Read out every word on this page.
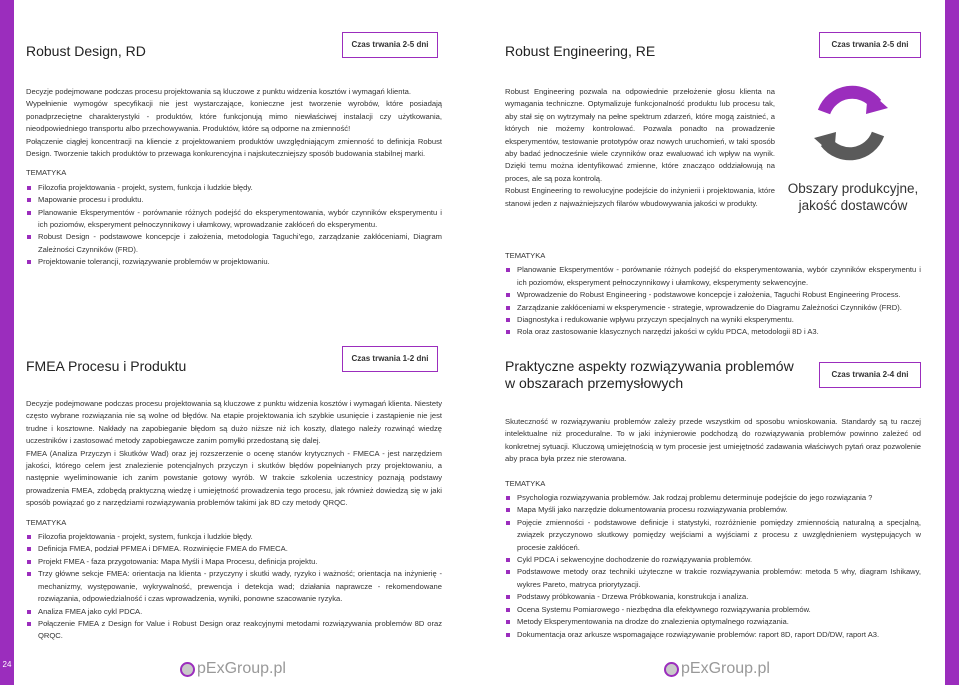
24
Robust Design, RD	Czas trwania 2-5 dni

Decyzje podejmowane podczas procesu projektowania są kluczowe z punktu widzenia kosztów i wymagań klienta.

Wypełnienie wymogów specyfikacji nie jest wystarczające, konieczne jest tworzenie wyrobów, które posiadają ponadprzeciętne charakterystyki - produktów, które funkcjonują mimo niewłaściwej instalacji czy użytkowania, nieodpowiedniego transportu albo przechowywania. Produktów, które są odporne na zmienność!

Połączenie ciągłej koncentracji na kliencie z projektowaniem produktów uwzględniającym zmienność to definicja Robust Design. Tworzenie takich produktów to przewaga konkurencyjna i najskuteczniejszy sposób budowania stabilnej marki.

TEMATYKA

Filozofia projektowania - projekt, system, funkcja i ludzkie błędy.
Mapowanie procesu i produktu.
Planowanie Eksperymentów - porównanie różnych podejść do eksperymentowania, wybór czynników eksperymentu i ich poziomów, eksperyment pełnoczynnikowy i ułamkowy, wprowadzanie zakłóceń do eksperymentu.
Robust Design - podstawowe koncepcje i założenia, metodologia Taguchi'ego, zarządzanie zakłóceniami, Diagram Zależności Czynników (FRD).
Projektowanie tolerancji, rozwiązywanie problemów w projektowaniu.
Robust Engineering, RE	Czas trwania 2-5 dni

Robust Engineering pozwala na odpowiednie przełożenie głosu klienta na wymagania techniczne. Optymalizuje funkcjonalność produktu lub procesu tak, aby stał się on wytrzymały na pełne spektrum zdarzeń, które mogą zaistnieć, a których nie możemy kontrolować. Pozwala ponadto na prowadzenie eksperymentów, testowanie prototypów oraz nowych uruchomień, w taki sposób aby badać jednocześnie wiele czynników oraz ewaluować ich wpływ na wynik. Dzięki temu można identyfikować zmienne, które znacząco oddziałowują na proces, ale są poza kontrolą.

Robust Engineering to rewolucyjne podejście do inżynierii i projektowania, które stanowi jeden z najważniejszych filarów wbudowywania jakości w produkty.

Obszary produkcyjne, jakość dostawców

TEMATYKA

Planowanie Eksperymentów - porównanie różnych podejść do eksperymentowania, wybór czynników eksperymentu i ich poziomów, eksperyment pełnoczynnikowy i ułamkowy, eksperymenty sekwencyjne.
Wprowadzenie do Robust Engineering - podstawowe koncepcje i założenia, Taguchi Robust Engineering Process.
Zarządzanie zakłóceniami w eksperymencie - strategie, wprowadzenie do Diagramu Zależności Czynników (FRD).
Diagnostyka i redukowanie wpływu przyczyn specjalnych na wyniki eksperymentu.
Rola oraz zastosowanie klasycznych narzędzi jakości w cyklu PDCA, metodologii 8D i A3.
FMEA Procesu i Produktu	Czas trwania 1-2 dni

Decyzje podejmowane podczas procesu projektowania są kluczowe z punktu widzenia kosztów i wymagań klienta. Niestety często wybrane rozwiązania nie są wolne od błędów. Na etapie projektowania ich szybkie usunięcie i zastąpienie nie jest trudne i kosztowne. Nakłady na zapobieganie błędom są dużo niższe niż ich koszty, dlatego należy rozwinąć wiedzę uczestników i zastosować metody zapobiegawcze zanim pomyłki przedostaną się dalej.

FMEA (Analiza Przyczyn i Skutków Wad) oraz jej rozszerzenie o ocenę stanów krytycznych - FMECA - jest narzędziem jakości, którego celem jest znalezienie potencjalnych przyczyn i skutków błędów popełnianych przy projektowaniu, a następnie wyeliminowanie ich zanim powstanie gotowy wyrób. W trakcie szkolenia uczestnicy poznają podstawy prowadzenia FMEA, zdobędą praktyczną wiedzę i umiejętność prowadzenia tego procesu, jak również dowiedzą się w jaki sposób powiązać go z narzędziami rozwiązywania problemów takimi jak 8D czy metody QRQC.

TEMATYKA

Filozofia projektowania - projekt, system, funkcja i ludzkie błędy.
Definicja FMEA, podział PFMEA i DFMEA. Rozwinięcie FMEA do FMECA.
Projekt FMEA - faza przygotowania: Mapa Myśli i Mapa Procesu, definicja projektu.
Trzy główne sekcje FMEA: orientacja na klienta - przyczyny i skutki wady, ryzyko i ważność; orientacja na inżynierię - mechanizmy, występowanie, wykrywalność, prewencja i detekcja wad; działania naprawcze - rekomendowane rozwiązania, odpowiedzialność i czas wprowadzenia, wyniki, ponowne szacowanie ryzyka.
Analiza FMEA jako cykl PDCA.
Połączenie FMEA z Design for Value i Robust Design oraz reakcyjnymi metodami rozwiązywania problemów 8D oraz QRQC.
Praktyczne aspekty rozwiązywania problemów
w obszarach przemysłowych
Czas trwania 2-4 dni

Skuteczność w rozwiązywaniu problemów zależy przede wszystkim od sposobu wnioskowania. Standardy są tu raczej intelektualne niż proceduralne. To w jaki inżynierowie podchodzą do rozwiązywania problemów powinno zależeć od konkretnej sytuacji. Kluczową umiejętnością w tym procesie jest umiejętność zadawania właściwych pytań oraz pozwolenie aby praca była przez nie sterowana.

TEMATYKA

Psychologia rozwiązywania problemów. Jak rodzaj problemu determinuje podejście do jego rozwiązania ?
Mapa Myśli jako narzędzie dokumentowania procesu rozwiązywania problemów.
Pojęcie zmienności - podstawowe definicje i statystyki, rozróżnienie pomiędzy zmiennością naturalną a specjalną, związek przyczynowo skutkowy pomiędzy wejściami a wyjściami z procesu z uwzględnieniem występujących w procesie zakłóceń.
Cykl PDCA i sekwencyjne dochodzenie do rozwiązywania problemów.
Podstawowe metody oraz techniki użyteczne w trakcie rozwiązywania problemów: metoda 5 why, diagram Ishikawy, wykres Pareto, matryca priorytyzacji.
Podstawy próbkowania - Drzewa Próbkowania, konstrukcja i analiza.
Ocena Systemu Pomiarowego - niezbędna dla efektywnego rozwiązywania problemów.
Metody Eksperymentowania na drodze do znalezienia optymalnego rozwiązania.
Dokumentacja oraz arkusze wspomagające rozwiązywanie problemów: raport 8D, raport DD/DW, raport A3.
pExGroup.pl	pExGroup.pl
